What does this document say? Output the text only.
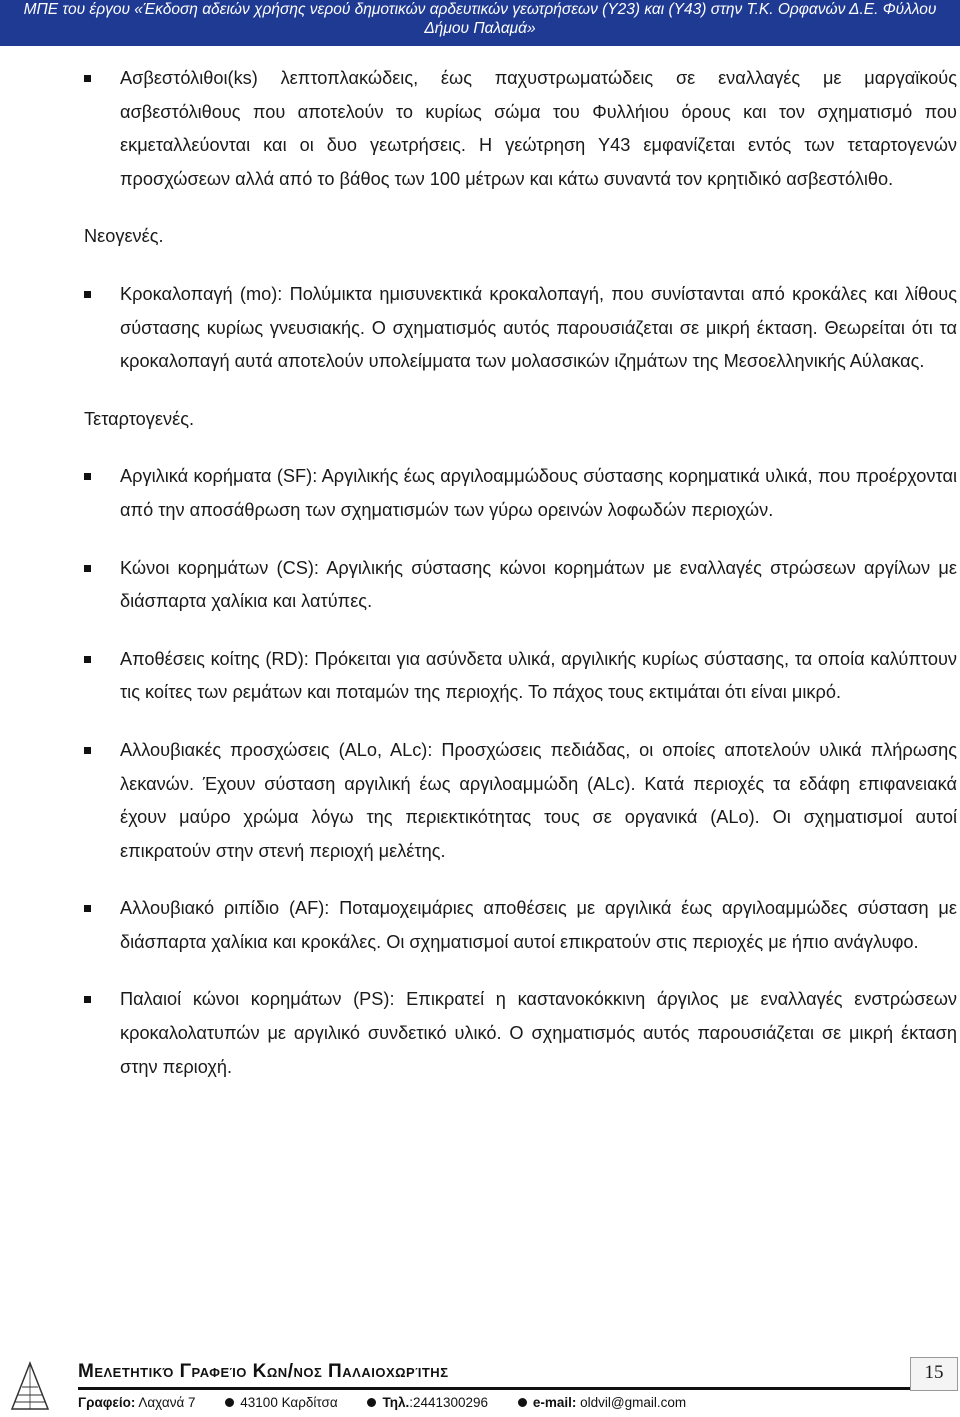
ΜΠΕ του έργου «Έκδοση αδειών χρήσης νερού δημοτικών αρδευτικών γεωτρήσεων (Υ23) και (Υ43) στην Τ.Κ. Ορφανών Δ.Ε. Φύλλου
Δήμου Παλαμά»

Ασβεστόλιθοι(ks) λεπτοπλακώδεις, έως παχυστρωματώδεις σε εναλλαγές με μαργαϊκούς ασβεστόλιθους που αποτελούν το κυρίως σώμα του Φυλλήιου όρους και τον σχηματισμό που εκμεταλλεύονται και οι δυο γεωτρήσεις. Η γεώτρηση Υ43 εμφανίζεται εντός των τεταρτογενών προσχώσεων αλλά από το βάθος των 100 μέτρων και κάτω συναντά τον κρητιδικό ασβεστόλιθο.

Νεογενές.

Κροκαλοπαγή (mo): Πολύμικτα ημισυνεκτικά κροκαλοπαγή, που συνίστανται από κροκάλες και λίθους σύστασης κυρίως γνευσιακής. Ο σχηματισμός αυτός παρουσιάζεται σε μικρή έκταση. Θεωρείται ότι τα κροκαλοπαγή αυτά αποτελούν υπολείμματα των μολασσικών ιζημάτων της Μεσοελληνικής Αύλακας.

Τεταρτογενές.

Αργιλικά κορήματα (SF): Αργιλικής έως αργιλοαμμώδους σύστασης κορηματικά υλικά, που προέρχονται από την αποσάθρωση των σχηματισμών των γύρω ορεινών λοφωδών περιοχών.

Κώνοι κορημάτων (CS): Αργιλικής σύστασης κώνοι κορημάτων με εναλλαγές στρώσεων αργίλων με διάσπαρτα χαλίκια και λατύπες.

Αποθέσεις κοίτης (RD): Πρόκειται για ασύνδετα υλικά, αργιλικής κυρίως σύστασης, τα οποία καλύπτουν τις κοίτες των ρεμάτων και ποταμών της περιοχής. Το πάχος τους εκτιμάται ότι είναι μικρό.

Αλλουβιακές προσχώσεις (ALo, ALc): Προσχώσεις πεδιάδας, οι οποίες αποτελούν υλικά πλήρωσης λεκανών. Έχουν σύσταση αργιλική έως αργιλοαμμώδη (ALc). Κατά περιοχές τα εδάφη επιφανειακά έχουν μαύρο χρώμα λόγω της περιεκτικότητας τους σε οργανικά (ALo). Οι σχηματισμοί αυτοί επικρατούν στην στενή περιοχή μελέτης.

Αλλουβιακό ριπίδιο (AF): Ποταμοχειμάριες αποθέσεις με αργιλικά έως αργιλοαμμώδες σύσταση με διάσπαρτα χαλίκια και κροκάλες. Οι σχηματισμοί αυτοί επικρατούν στις περιοχές με ήπιο ανάγλυφο.

Παλαιοί κώνοι κορημάτων (PS): Επικρατεί η καστανοκόκκινη άργιλος με εναλλαγές ενστρώσεων κροκαλολατυπών με αργιλικό συνδετικό υλικό. Ο σχηματισμός αυτός παρουσιάζεται σε μικρή έκταση στην περιοχή.

Μελετητικό Γραφείο Κων/νος Παλαιοχωρίτης
Γραφείο: Λαχανά 7	43100 Καρδίτσα	Τηλ.:2441300296	e-mail: oldvil@gmail.com
15
